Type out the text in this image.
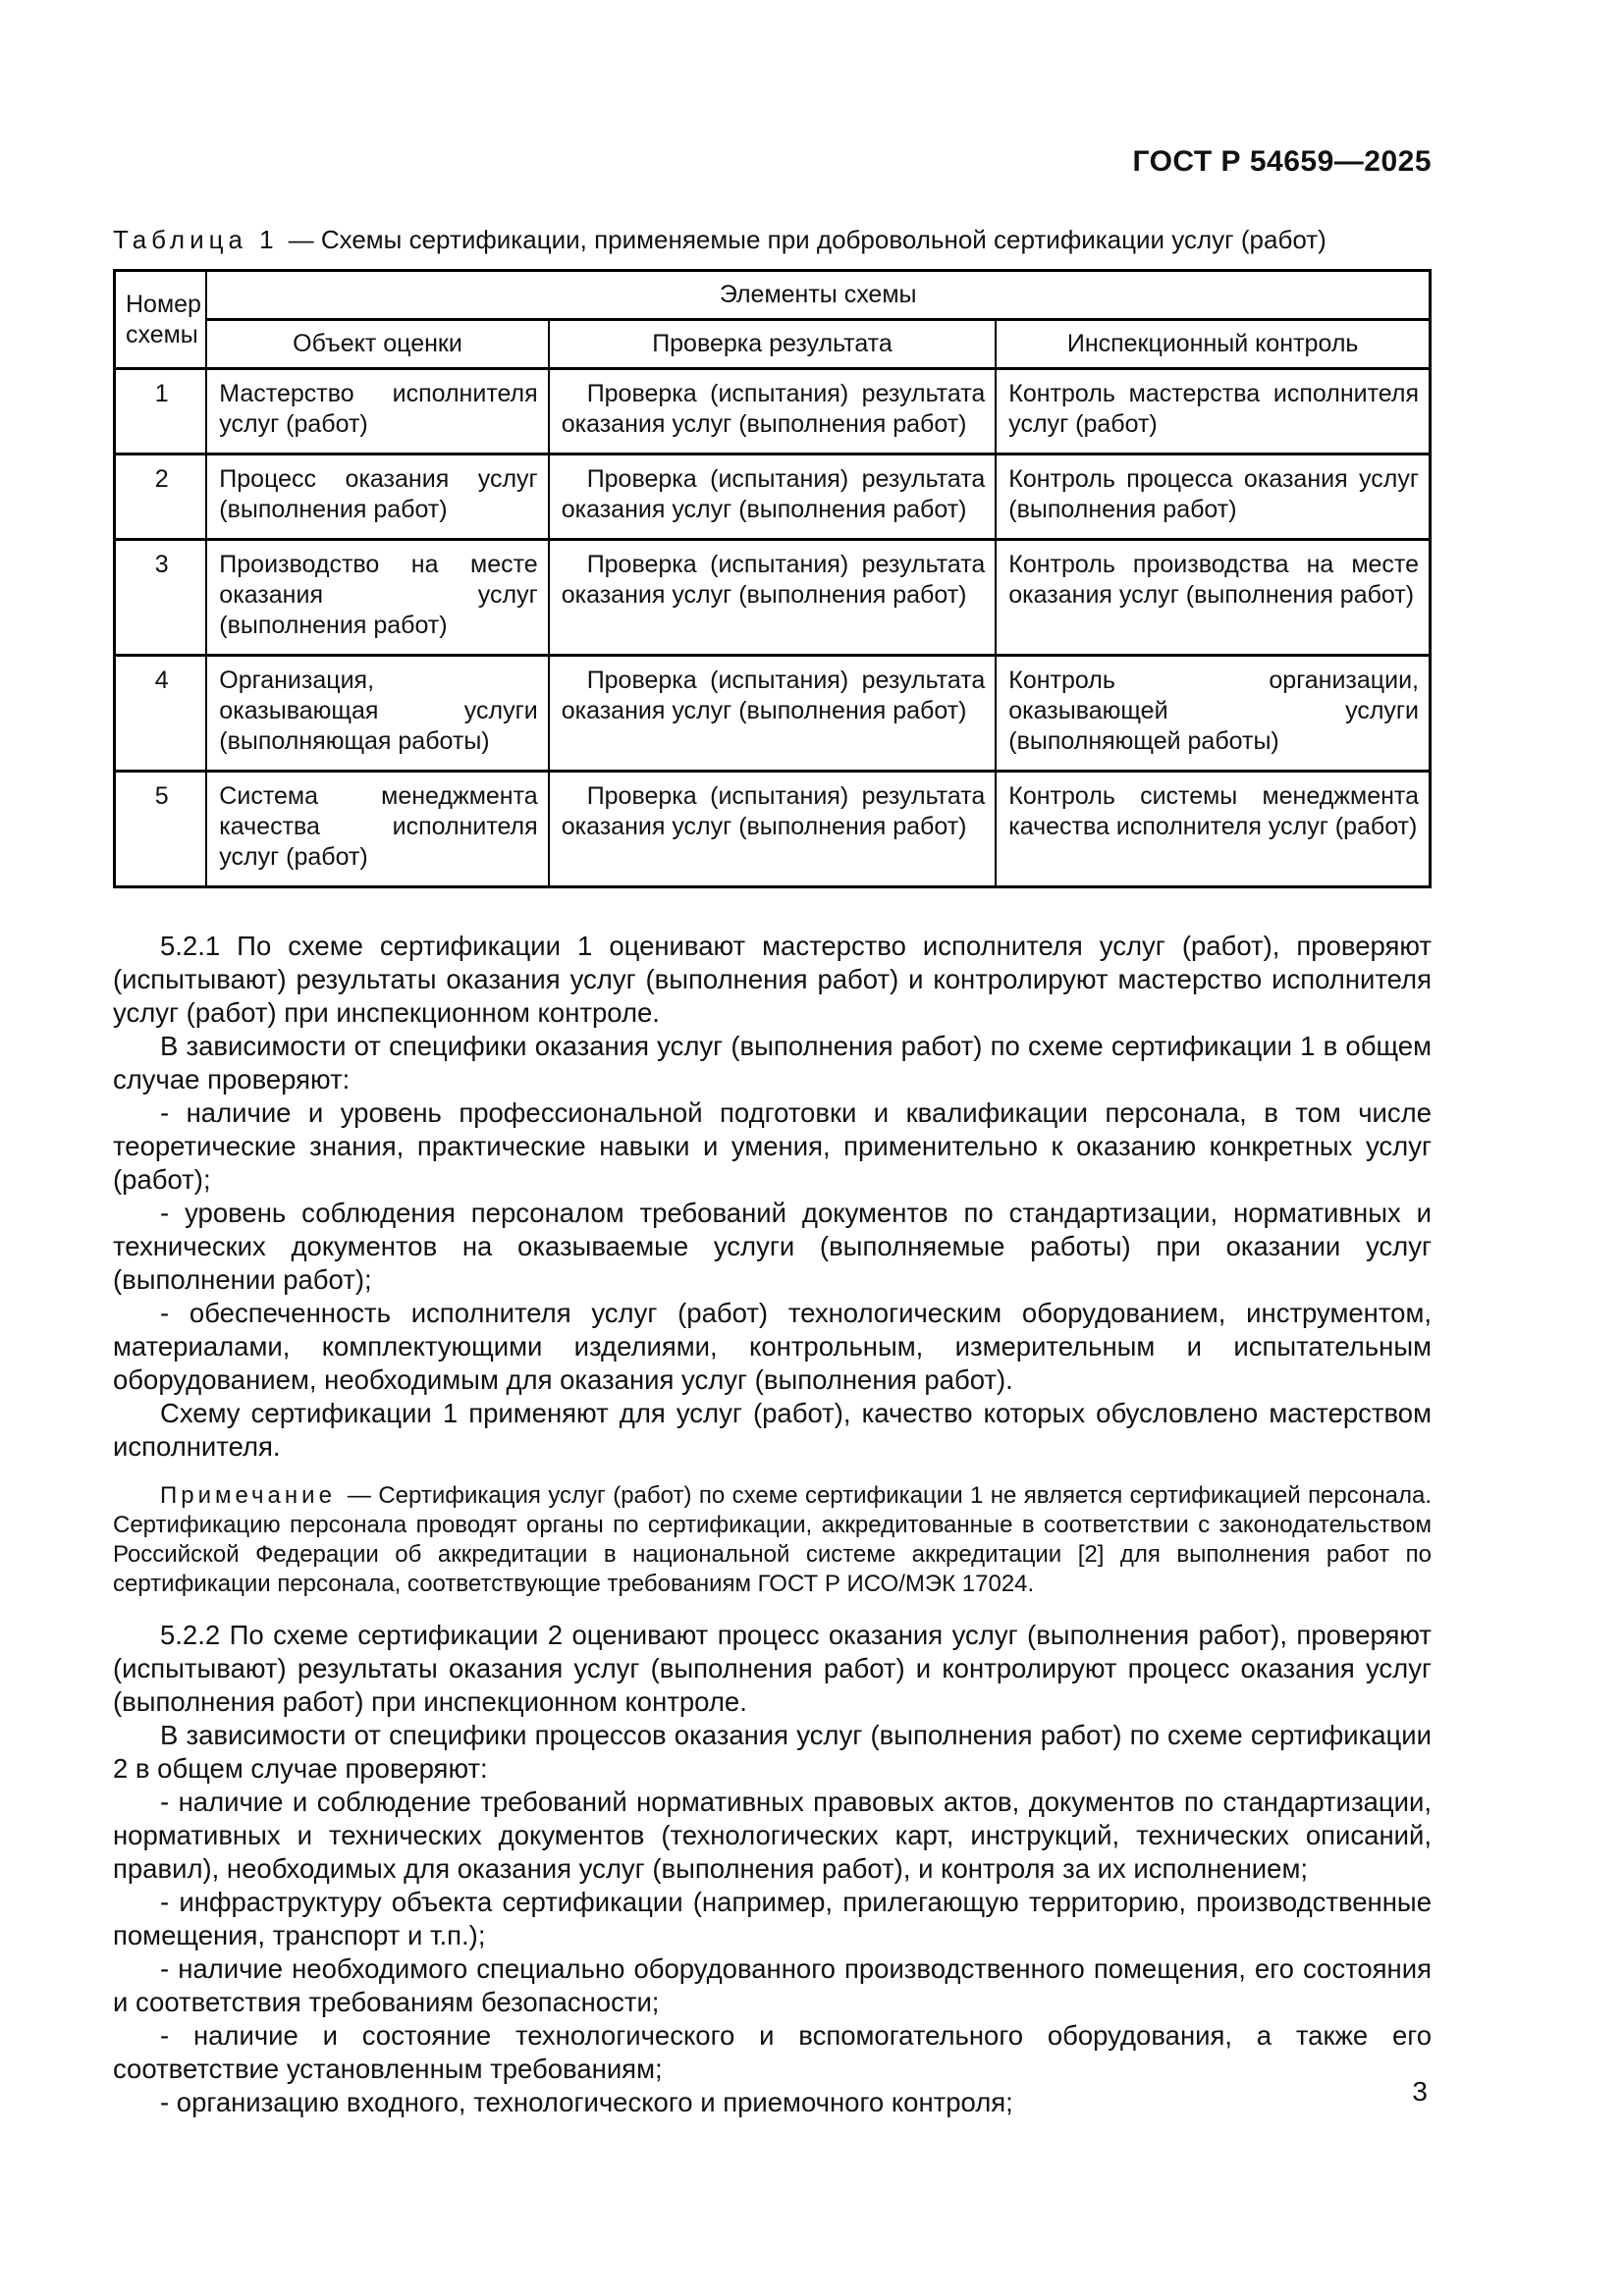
ГОСТ Р 54659—2025
Таблица 1 — Схемы сертификации, применяемые при добровольной сертификации услуг (работ)
Номер схемы	Элементы схемы		
	Объект оценки	Проверка результата	Инспекционный контроль
1	Мастерство исполнителя услуг (работ)	Проверка (испытания) результата оказания услуг (выполнения работ)	Контроль мастерства исполнителя услуг (работ)
2	Процесс оказания услуг (выполнения работ)	Проверка (испытания) результата оказания услуг (выполнения работ)	Контроль процесса оказания услуг (выполнения работ)
3	Производство на месте оказания услуг (выполнения работ)	Проверка (испытания) результата оказания услуг (выполнения работ)	Контроль производства на месте оказания услуг (выполнения работ)
4	Организация, оказывающая услуги (выполняющая работы)	Проверка (испытания) результата оказания услуг (выполнения работ)	Контроль организации, оказывающей услуги (выполняющей работы)
5	Система менеджмента качества исполнителя услуг (работ)	Проверка (испытания) результата оказания услуг (выполнения работ)	Контроль системы менеджмента качества исполнителя услуг (работ)

5.2.1 По схеме сертификации 1 оценивают мастерство исполнителя услуг (работ), проверяют (испытывают) результаты оказания услуг (выполнения работ) и контролируют мастерство исполнителя услуг (работ) при инспекционном контроле.

В зависимости от специфики оказания услуг (выполнения работ) по схеме сертификации 1 в общем случае проверяют:

- наличие и уровень профессиональной подготовки и квалификации персонала, в том числе теоретические знания, практические навыки и умения, применительно к оказанию конкретных услуг (работ);

- уровень соблюдения персоналом требований документов по стандартизации, нормативных и технических документов на оказываемые услуги (выполняемые работы) при оказании услуг (выполнении работ);

- обеспеченность исполнителя услуг (работ) технологическим оборудованием, инструментом, материалами, комплектующими изделиями, контрольным, измерительным и испытательным оборудованием, необходимым для оказания услуг (выполнения работ).

Схему сертификации 1 применяют для услуг (работ), качество которых обусловлено мастерством исполнителя.

Примечание — Сертификация услуг (работ) по схеме сертификации 1 не является сертификацией персонала. Сертификацию персонала проводят органы по сертификации, аккредитованные в соответствии с законодательством Российской Федерации об аккредитации в национальной системе аккредитации [2] для выполнения работ по сертификации персонала, соответствующие требованиям ГОСТ Р ИСО/МЭК 17024.

5.2.2 По схеме сертификации 2 оценивают процесс оказания услуг (выполнения работ), проверяют (испытывают) результаты оказания услуг (выполнения работ) и контролируют процесс оказания услуг (выполнения работ) при инспекционном контроле.

В зависимости от специфики процессов оказания услуг (выполнения работ) по схеме сертификации 2 в общем случае проверяют:

- наличие и соблюдение требований нормативных правовых актов, документов по стандартизации, нормативных и технических документов (технологических карт, инструкций, технических описаний, правил), необходимых для оказания услуг (выполнения работ), и контроля за их исполнением;

- инфраструктуру объекта сертификации (например, прилегающую территорию, производственные помещения, транспорт и т.п.);

- наличие необходимого специально оборудованного производственного помещения, его состояния и соответствия требованиям безопасности;

- наличие и состояние технологического и вспомогательного оборудования, а также его соответствие установленным требованиям;

- организацию входного, технологического и приемочного контроля;	3
